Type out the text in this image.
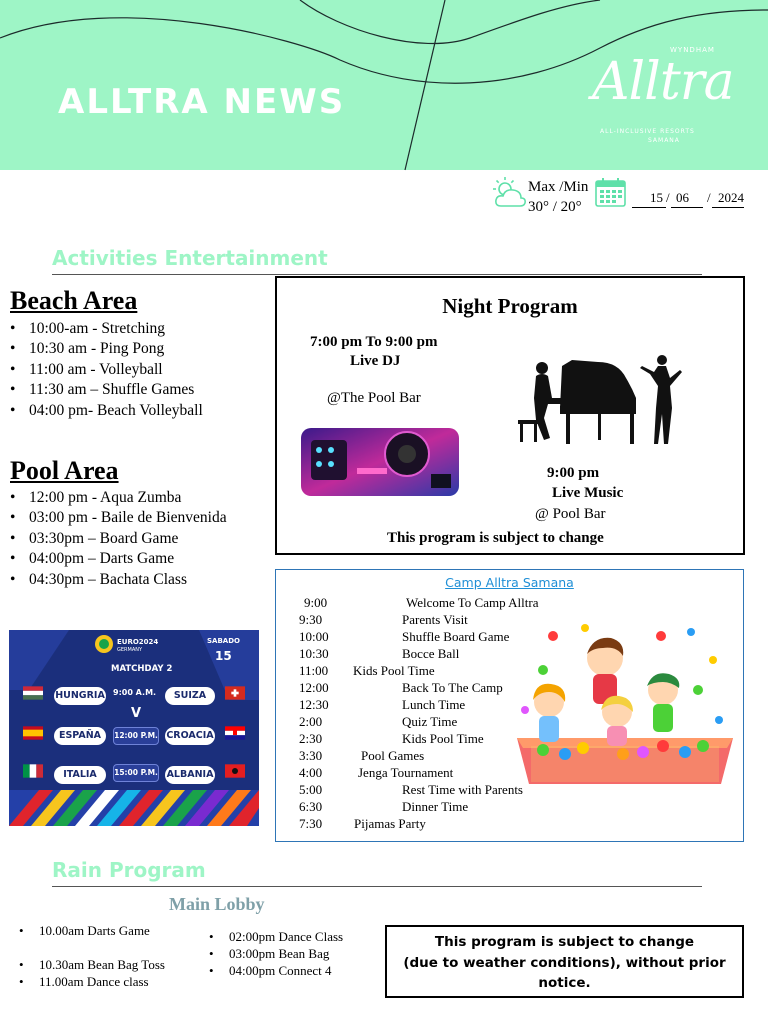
ALLTRA NEWS
WYNDHAM
Alltra
ALL-INCLUSIVE RESORTS
SAMANA
Max /Min
30° / 20°
15 / 06 / 2024
Activities Entertainment
Beach Area
• 10:00-am - Stretching
• 10:30 am - Ping Pong
• 11:00 am - Volleyball
• 11:30 am – Shuffle Games
• 04:00 pm- Beach Volleyball
Pool Area
• 12:00 pm - Aqua Zumba
• 03:00 pm - Baile de Bienvenida
• 03:30pm – Board Game
• 04:00pm – Darts Game
• 04:30pm – Bachata Class
Night Program
7:00 pm To 9:00 pm
Live DJ
@The Pool Bar
9:00 pm
Live Music
@ Pool Bar
This program is subject to change
EURO2024
GERMANY
SABADO
15
MATCHDAY 2
HUNGRIA 9:00 A.M.	SUIZA
V
ESPAÑA	12:00 P.M. CROACIA
ITALIA	15:00 P.M. ALBANIA
Camp Alltra Samana
9:00	Welcome To Camp Alltra
9:30	Parents Visit
10:00	Shuffle Board Game
10:30	Bocce Ball
11:00 Kids Pool Time
12:00	Back To The Camp
12:30	Lunch Time
2:00	Quiz Time
2:30	Kids Pool Time
3:30	Pool Games
4:00	Jenga Tournament
5:00	Rest Time with Parents
6:30	Dinner Time
7:30 Pijamas Party
Rain Program
Main Lobby
• 10.00am Darts Game
• 10.30am Bean Bag Toss
• 11.00am Dance class
• 02:00pm Dance Class
• 03:00pm Bean Bag
• 04:00pm Connect 4
This program is subject to change
(due to weather conditions), without prior
notice.
